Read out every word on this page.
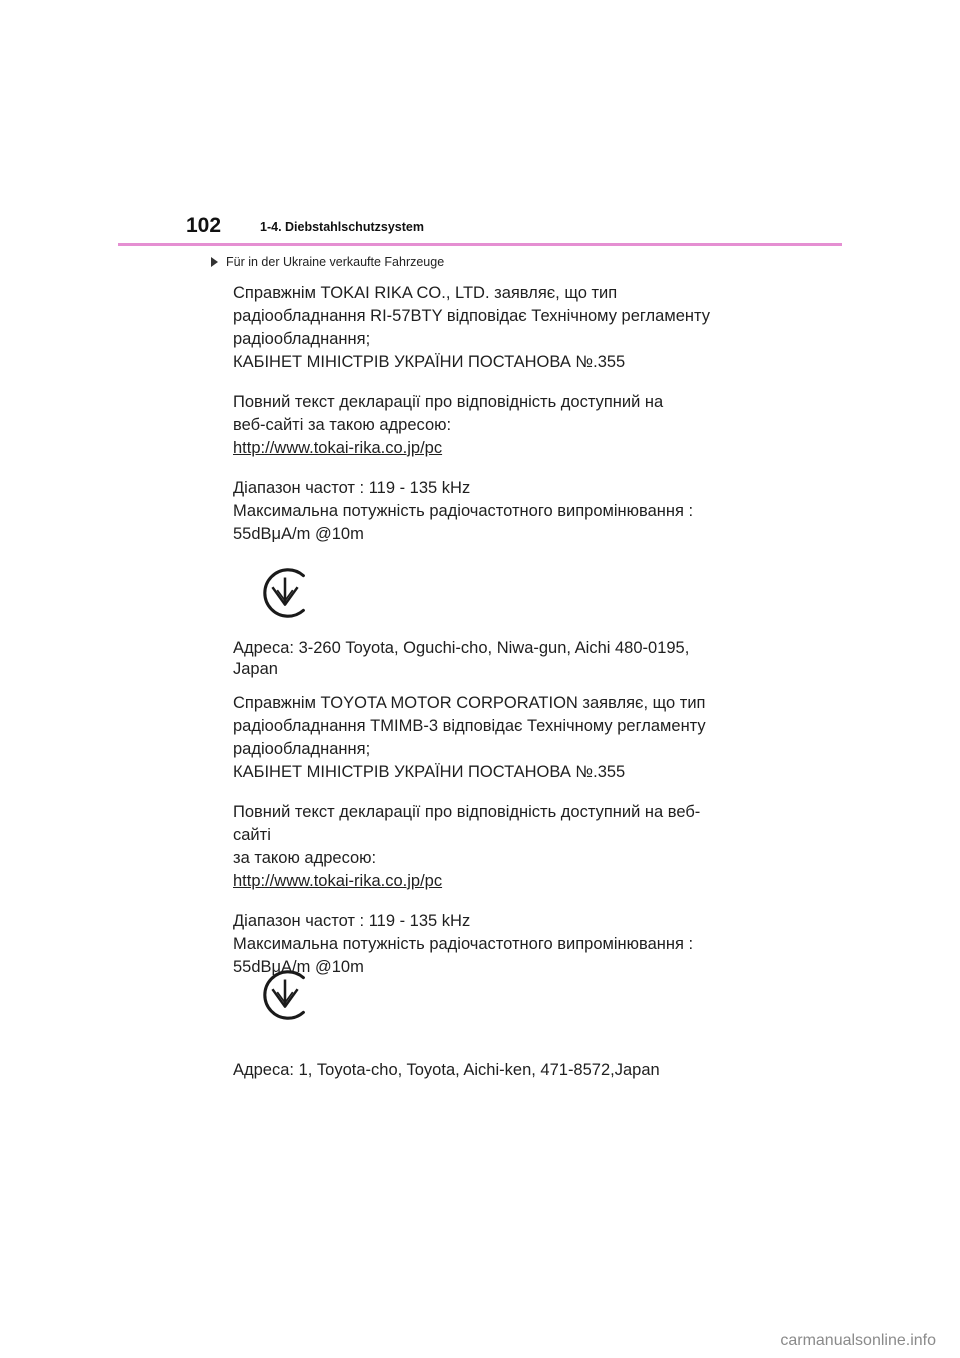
102	1-4. Diebstahlschutzsystem
Für in der Ukraine verkaufte Fahrzeuge

Справжнім TOKAI RIKA CO., LTD. заявляє, що тип

радіообладнання RI-57BTY відповідає Технічному регламенту

радіообладнання;

КАБІНЕТ МІНІСТРІВ УКРАЇНИ ПОСТАНОВА №.355

Повний текст декларації про відповідність доступний на

веб-сайті за такою адресою:

http://www.tokai-rika.co.jp/pc

Діапазон частот : 119 - 135 kHz

Максимальна потужність радіочастотного випромінювання :

55dBμA/m @10m

Адреса: 3-260 Toyota, Oguchi-cho, Niwa-gun, Aichi 480-0195,
Japan

Справжнім TOYOTA MOTOR CORPORATION заявляє, що тип

радіообладнання TMIMB-3 відповідає Технічному регламенту

радіообладнання;

КАБІНЕТ МІНІСТРІВ УКРАЇНИ ПОСТАНОВА №.355

Повний текст декларації про відповідність доступний на веб-сайті

за такою адресою:

http://www.tokai-rika.co.jp/pc

Діапазон частот : 119 - 135 kHz

Максимальна потужність радіочастотного випромінювання :

55dBμA/m @10m

Адреса: 1, Toyota-cho, Toyota, Aichi-ken, 471-8572,Japan
carmanualsonline.info
